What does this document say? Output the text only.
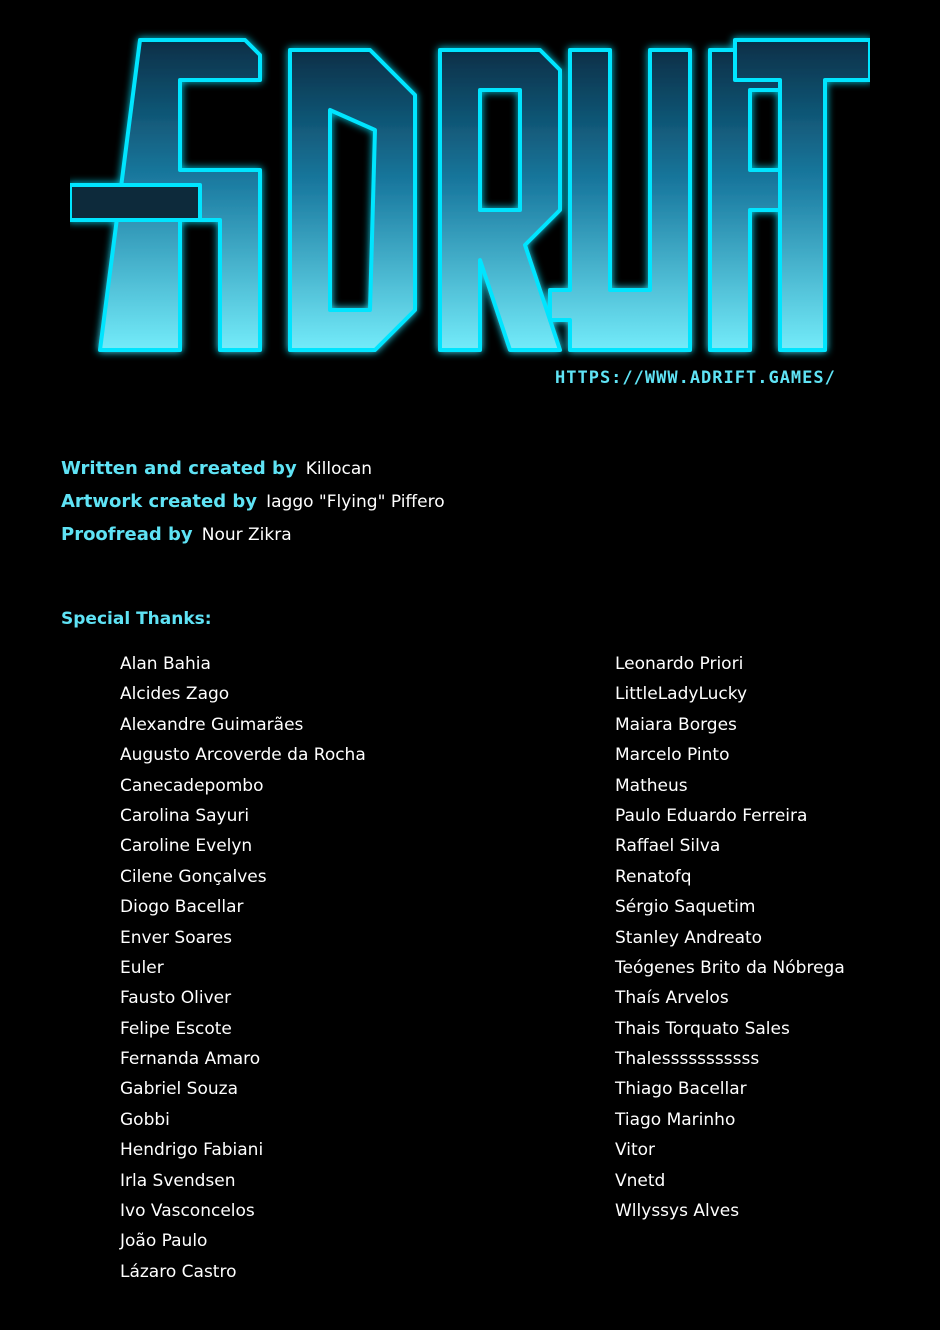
HTTPS://WWW.ADRIFT.GAMES/
Written and created by Killocan
Artwork created by Iaggo "Flying" Piffero
Proofread by Nour Zikra
Special Thanks:
Alan Bahia
Alcides Zago
Alexandre Guimarães
Augusto Arcoverde da Rocha
Canecadepombo
Carolina Sayuri
Caroline Evelyn
Cilene Gonçalves
Diogo Bacellar
Enver Soares
Euler
Fausto Oliver
Felipe Escote
Fernanda Amaro
Gabriel Souza
Gobbi
Hendrigo Fabiani
Irla Svendsen
Ivo Vasconcelos
João Paulo
Lázaro Castro
Leonardo Priori
LittleLadyLucky
Maiara Borges
Marcelo Pinto
Matheus
Paulo Eduardo Ferreira
Raffael Silva
Renatofq
Sérgio Saquetim
Stanley Andreato
Teógenes Brito da Nóbrega
Thaís Arvelos
Thais Torquato Sales
Thalesssssssssss
Thiago Bacellar
Tiago Marinho
Vitor
Vnetd
Wllyssys Alves
